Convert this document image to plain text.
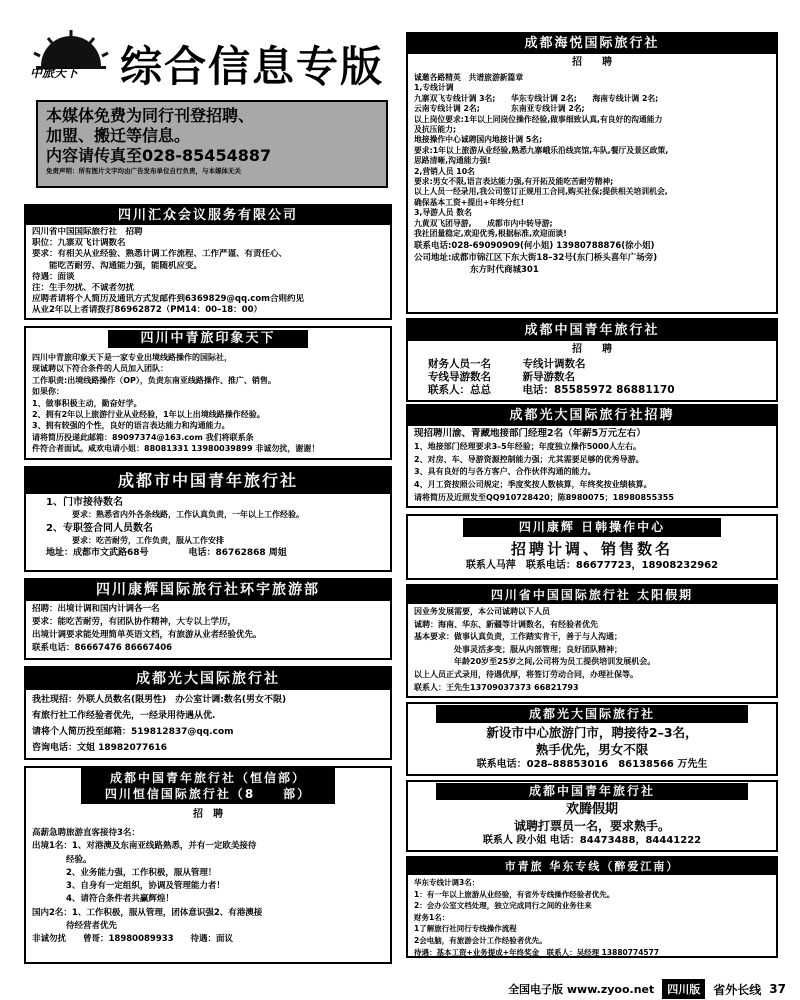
中旅天下 综合信息专版
本媒体免费为同行刊登招聘、
加盟、搬迁等信息。
内容请传真至028-85454887
免责声明：所有图片文字均由广告发布单位自行负责，与本媒体无关
四川汇众会议服务有限公司
四川省中国国际旅行社　招聘
职位：九寨双飞计调数名
要求：有相关从业经验、熟悉计调工作流程、工作严谨、有责任心、
　　能吃苦耐劳、沟通能力强，能随机应变。
待遇：面谈
注：生手勿扰、不诚者勿扰
应聘者请将个人简历及通讯方式发邮件到6369829@qq.com合则约见
从业2年以上者请拨打86962872（PM14：00–18：00）
四川中青旅印象天下
四川中青旅印象天下是一家专业出境线路操作的国际社，
现诚聘以下符合条件的人员加入团队：
工作职责:出境线路操作（OP），负责东南亚线路操作、推广、销售。
如果你：
1、做事积极主动，勤奋好学。
2、拥有2年以上旅游行业从业经验，1年以上出境线路操作经验。
3、拥有较强的个性，良好的语言表达能力和沟通能力。
请将简历投递此邮箱：89097374@163.com 我们将联系条
件符合者面试。咸欢电请小姐：88081331 13980039899 非诚勿扰，谢谢！
成都市中国青年旅行社
1、门市接待数名
要求：熟悉省内外各条线路，工作认真负责，一年以上工作经验。
2、专职签合同人员数名
要求：吃苦耐劳，工作负责，服从工作安排
地址：成都市文武路68号	电话：86762868 周姐
四川康辉国际旅行社环宇旅游部
招聘：出境计调和国内计调各一名
要求：能吃苦耐劳，有团队协作精神，大专以上学历，
出境计调要求能处理简单英语文档，有旅游从业者经验优先。
联系电话：86667476 86667406
成都光大国际旅行社
我社现招：外联人员数名(限男性)　办公室计调:数名(男女不限)
有旅行社工作经验者优先，一经录用待遇从优.
请将个人简历投至邮箱：519812837@qq.com
咨询电话：文姐 18982077616
成都中国青年旅行社（恒信部）
四川恒信国际旅行社（8　　部）
招　聘
高薪急聘旅游直客接待3名：
出境1名：1、对港澳及东南亚线路熟悉，并有一定欧美接待
　　　　经验。
　　　　2、业务能力强，工作积极，服从管理！
　　　　3、自身有一定组织，协调及管理能力者！
　　　　4、请符合条件者共赢辉煌！
国内2名：1、工作积极，服从管理，团体意识强2、有港澳接
　　　　待经营者优先
非诚勿扰　　曾哥：18980089933　　待遇：面议
成都海悦国际旅行社
招　　聘
诚邀各路精英　共谱旅游新篇章
1,专线计调
九寨双飞专线计调 3名;　　华东专线计调 2名;　　海南专线计调 2名;
云南专线计调 2名;　　　　东南亚专线计调 2名;
以上岗位要求:1年以上同岗位操作经验,做事细致认真,有良好的沟通能力
及抗压能力;
地接操作中心诚聘国内地接计调 5名;
要求:1年以上旅游从业经验,熟悉九寨峨乐沿线宾馆,车队,餐厅及景区政策,
思路清晰,沟通能力强!
2,营销人员 10名
要求:男女不限,语言表达能力强,有开拓及能吃苦耐劳精神;
以上人员一经录用,我公司签订正规用工合同,购买社保;提供相关培训机会,
确保基本工资+提出+年终分红!
3,导游人员 数名
九黄双飞团导游,　　成都市内中转导游;
我社团量稳定,欢迎优秀,根据标准,欢迎面谈!
联系电话:028-69090909(何小姐) 13980788876(徐小姐)
公司地址:成都市锦江区下东大街18–32号(东门桥头喜年广场旁)
东方时代商城301
成都中国青年旅行社
招　　聘
财务人员一名　　　专线计调数名
专线导游数名　　　新导游数名
联系人：总总　　　电话：85585972 86881170
成都光大国际旅行社招聘
现招聘川渝、青藏地接部门经理2名（年薪5万元左右）
1、地接部门经理要求3–5年经验；年度独立操作5000人左右。
2、对房、车、导游资源控制能力强；尤其需要足够的优秀导游。
3、具有良好的与各方客户、合作伙伴沟通的能力。
4、月工资按照公司规定；季度奖按人数核算，年终奖按业绩核算。
请将简历及近照发至QQ910728420；陈8980075；18980855355
四川康辉 日韩操作中心
招聘计调、销售数名
联系人马萍　联系电话：86677723，18908232962
四川省中国国际旅行社 太阳假期
因业务发展需要，本公司诚聘以下人员
诚聘：海南、华东、新疆等计调数名，有经验者优先
基本要求：做事认真负责，工作踏实肯干，善于与人沟通；
　　　　　处事灵活多变；服从内部管理；良好团队精神；
　　　　　年龄20岁至25岁之间,公司将为员工提供培训发展机会。
以上人员正式录用，待遇优厚，将签订劳动合同，办理社保等。
联系人：王先生13709037373 66821793
成都光大国际旅行社
新设市中心旅游门市，聘接待2–3名，
熟手优先，男女不限
联系电话：028–88853016　86138566 万先生
成都中国青年旅行社
欢腾假期
诚聘打票员一名，要求熟手。
联系人 段小姐 电话：84473488，84441222
市青旅 华东专线（醉爱江南）
华东专线计调3名：
1：有一年以上旅游从业经验，有省外专线操作经验者优先。
2：会办公室文档处理，独立完成同行之间的业务往来
财务1名：
1了解旅行社同行专线操作流程
2会电脑，有旅游会计工作经验者优先。
待遇：基本工资+业务提成+年终奖金　联系人：吴经理 13880774577
全国电子版 www.zyoo.net	四川版	省外长线 37
